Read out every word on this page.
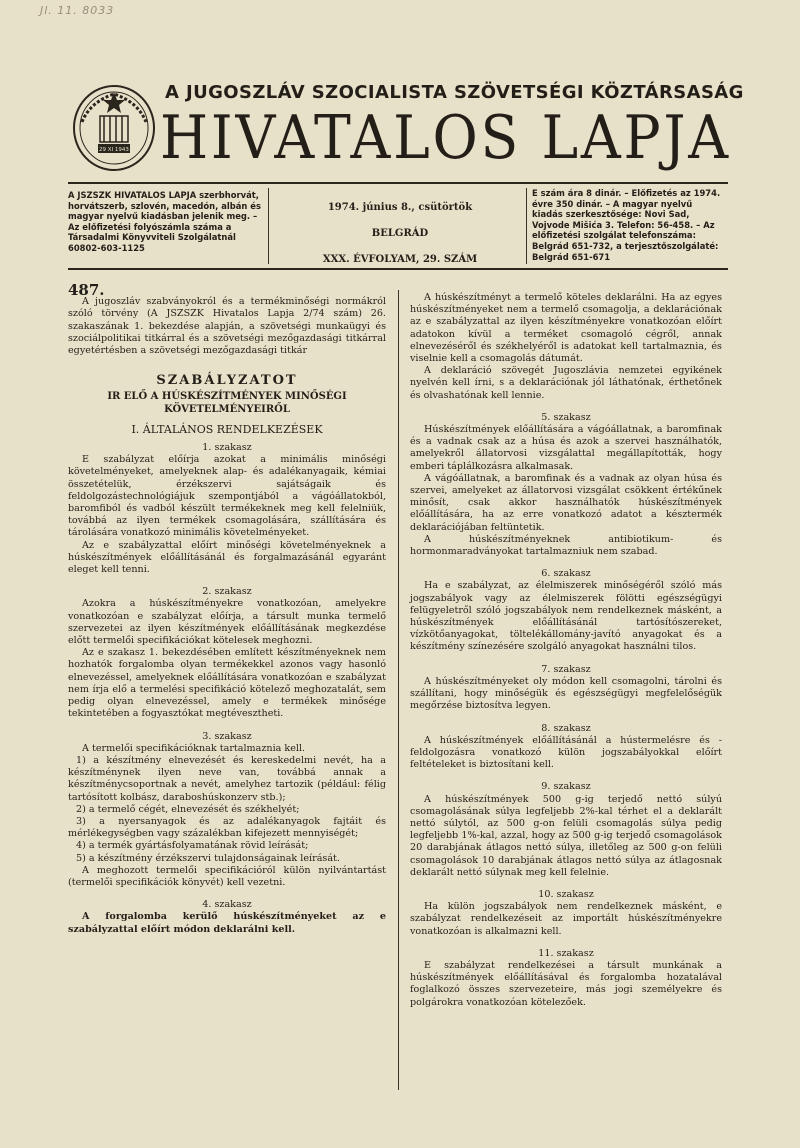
Jl. 11. 8033
29 XI 1943
A JUGOSZLÁV SZOCIALISTA SZÖVETSÉGI KÖZTÁRSASÁG
HIVATALOS LAPJA
A JSZSZK HIVATALOS LAPJA szerbhorvát, horvátszerb, szlovén, macedón, albán és magyar nyelvű kiadásban jelenik meg. – Az előfizetési folyószámla száma a Társadalmi Könyvviteli Szolgálatnál 60802-603-1125
1974. június 8., csütörtök
BELGRÁD
XXX. ÉVFOLYAM, 29. SZÁM
E szám ára 8 dinár. – Előfizetés az 1974. évre 350 dinár. – A magyar nyelvű kiadás szerkesztősége: Novi Sad, Vojvode Mišića 3. Telefon: 56-458. – Az előfizetési szolgálat telefonszáma: Belgrád 651-732, a terjesztőszolgálaté: Belgrád 651-671

487.

A jugoszláv szabványokról és a termékminőségi normákról szóló törvény (A JSZSZK Hivatalos Lapja 2/74 szám) 26. szakaszának 1. bekezdése alapján, a szövetségi munkaügyi és szociálpolitikai titkárral és a szövetségi mezőgazdasági titkárral egyetértésben a szövetségi mezőgazdasági titkár

SZABÁLYZATOT

IR ELŐ A HÚSKÉSZÍTMÉNYEK MINŐSÉGI KÖVETELMÉNYEIRŐL

I. ÁLTALÁNOS RENDELKEZÉSEK

1. szakasz

E szabályzat előírja azokat a minimális minőségi követelményeket, amelyeknek alap- és adalékanyagaik, kémiai összetételük, érzékszervi sajátságaik és feldolgozástechnológiájuk szempontjából a vágóállatokból, baromfiból és vadból készült termékeknek meg kell felelniük, továbbá az ilyen termékek csomagolására, szállítására és tárolására vonatkozó minimális követelményeket.

Az e szabályzattal előírt minőségi követelményeknek a húskészítmények előállításánál és forgalmazásánál egyaránt eleget kell tenni.

2. szakasz

Azokra a húskészítményekre vonatkozóan, amelyekre vonatkozóan e szabályzat előírja, a társult munka termelő szervezetei az ilyen készítmények előállításának megkezdése előtt termelői specifikációkat kötelesek meghozni.

Az e szakasz 1. bekezdésében említett készítményeknek nem hozhatók forgalomba olyan termékekkel azonos vagy hasonló elnevezéssel, amelyeknek előállítására vonatkozóan e szabályzat nem írja elő a termelési specifikáció kötelező meghozatalát, sem pedig olyan elnevezéssel, amely e termékek minősége tekintetében a fogyasztókat megtévesztheti.

3. szakasz

A termelői specifikációknak tartalmaznia kell.

1) a készítmény elnevezését és kereskedelmi nevét, ha a készítménynek ilyen neve van, továbbá annak a készítménycsoportnak a nevét, amelyhez tartozik (például: félig tartósított kolbász, daraboshúskonzerv stb.);

2) a termelő cégét, elnevezését és székhelyét;

3) a nyersanyagok és az adalékanyagok fajtáit és mérlékegységben vagy százalékban kifejezett mennyiségét;

4) a termék gyártásfolyamatának rövid leírását;

5) a készítmény érzékszervi tulajdonságainak leírását.

A meghozott termelői specifikációról külön nyilvántartást (termelői specifikációk könyvét) kell vezetni.

4. szakasz

A forgalomba kerülő húskészítményeket az e szabályzattal előírt módon deklarálni kell.

A húskészítményt a termelő köteles deklarálni. Ha az egyes húskészítményeket nem a termelő csomagolja, a deklarációnak az e szabályzattal az ilyen készítményekre vonatkozóan előírt adatokon kívül a terméket csomagoló cégről, annak elnevezéséről és székhelyéről is adatokat kell tartalmaznia, és viselnie kell a csomagolás dátumát.

A deklaráció szövegét Jugoszlávia nemzetei egyikének nyelvén kell írni, s a deklarációnak jól láthatónak, érthetőnek és olvashatónak kell lennie.

5. szakasz

Húskészítmények előállítására a vágóállatnak, a baromfinak és a vadnak csak az a húsa és azok a szervei használhatók, amelyekről állatorvosi vizsgálattal megállapították, hogy emberi táplálkozásra alkalmasak.

A vágóállatnak, a baromfinak és a vadnak az olyan húsa és szervei, amelyeket az állatorvosi vizsgálat csökkent értékűnek minősít, csak akkor használhatók húskészítmények előállítására, ha az erre vonatkozó adatot a késztermék deklarációjában feltüntetik.

A húskészítményeknek antibiotikum- és hormonmaradványokat tartalmazniuk nem szabad.

6. szakasz

Ha e szabályzat, az élelmiszerek minőségéről szóló más jogszabályok vagy az élelmiszerek fölötti egészségügyi felügyeletről szóló jogszabályok nem rendelkeznek másként, a húskészítmények előállításánál tartósítószereket, vízkötőanyagokat, töltelékállomány-javító anyagokat és a készítmény színezésére szolgáló anyagokat használni tilos.

7. szakasz

A húskészítményeket oly módon kell csomagolni, tárolni és szállítani, hogy minőségük és egészségügyi megfelelőségük megőrzése biztosítva legyen.

8. szakasz

A húskészítmények előállításánál a hústermelésre és -feldolgozásra vonatkozó külön jogszabályokkal előírt feltételeket is biztosítani kell.

9. szakasz

A húskészítmények 500 g-ig terjedő nettó súlyú csomagolásának súlya legfeljebb 2%-kal térhet el a deklarált nettó súlytól, az 500 g-on felüli csomagolás súlya pedig legfeljebb 1%-kal, azzal, hogy az 500 g-ig terjedő csomagolások 20 darabjának átlagos nettó súlya, illetőleg az 500 g-on felüli csomagolások 10 darabjának átlagos nettó súlya az átlagosnak deklarált nettó súlynak meg kell felelnie.

10. szakasz

Ha külön jogszabályok nem rendelkeznek másként, e szabályzat rendelkezéseit az importált húskészítményekre vonatkozóan is alkalmazni kell.

11. szakasz

E szabályzat rendelkezései a társult munkának a húskészítmények előállításával és forgalomba hozatalával foglalkozó összes szervezeteire, más jogi személyekre és polgárokra vonatkozóan kötelezőek.
